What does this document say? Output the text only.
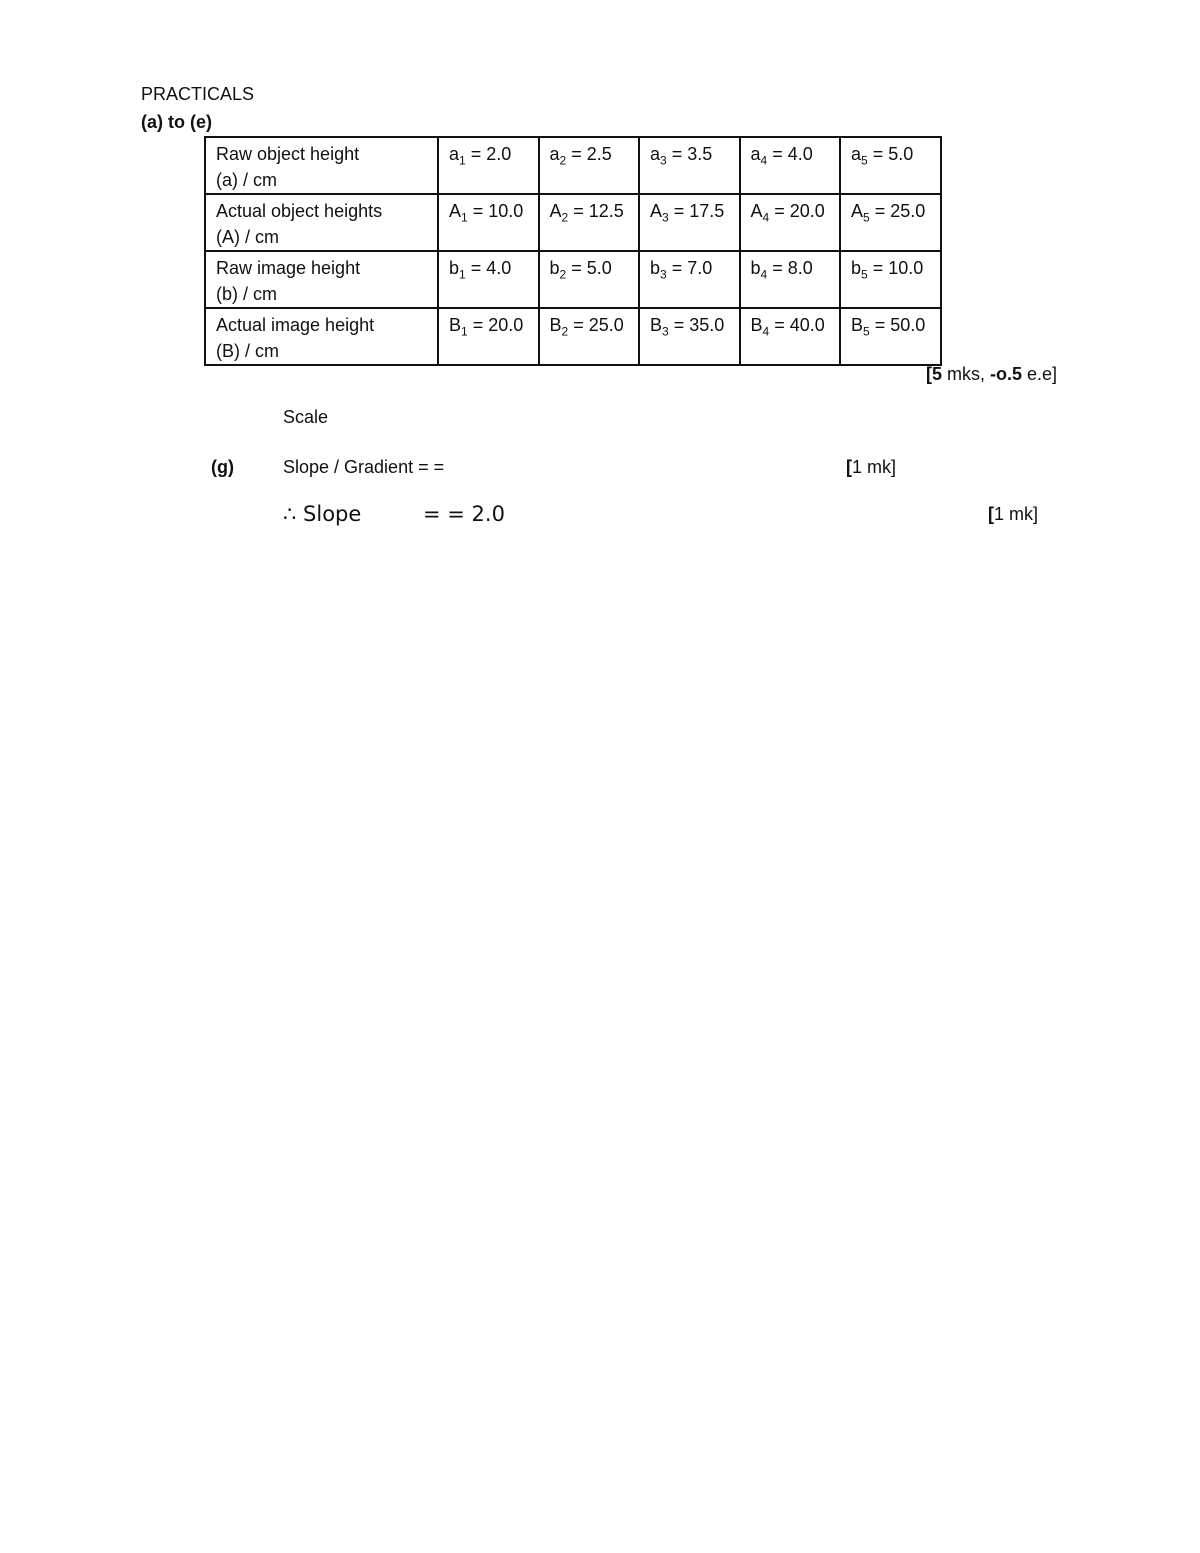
PRACTICALS
(a) to (e)
Raw object height
(a) / cm	$a_1 = 2.0$	$a_2 = 2.5$	$a_3 = 3.5$	$a_4 = 4.0$	$a_5 = 5.0$

Actual object heights
(A) / cm	$A_1 = 10.0$	$A_2 = 12.5$	$A_3 = 17.5$	$A_4 = 20.0$	$A_5 = 25.0$

Raw image height
(b) / cm	$b_1 = 4.0$	$b_2 = 5.0$	$b_3 = 7.0$	$b_4 = 8.0$	$b_5 = 10.0$

Actual image height
(B) / cm	$B_1 = 20.0$	$B_2 = 25.0$	$B_3 = 35.0$	$B_4 = 40.0$	$B_5 = 50.0$
[5 mks, -o.5 e.e]
Scale
(g)	Slope / Gradient = =	[1 mk]
∴ Slope	= = 2.0	[1 mk]
